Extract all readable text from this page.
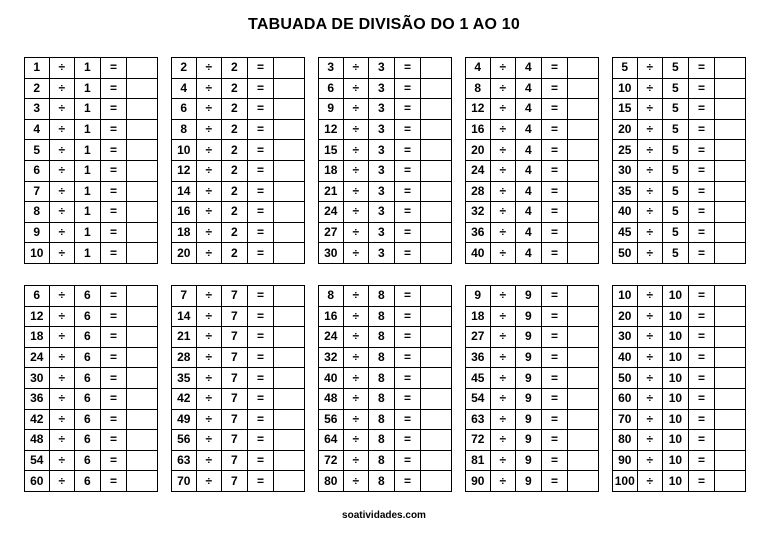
TABUADA DE DIVISÃO DO 1 AO 10
1	÷	1	=	
2	÷	1	=	
3	÷	1	=	
4	÷	1	=	
5	÷	1	=	
6	÷	1	=	
7	÷	1	=	
8	÷	1	=	
9	÷	1	=	
10	÷	1	=	
2	÷	2	=	
4	÷	2	=	
6	÷	2	=	
8	÷	2	=	
10	÷	2	=	
12	÷	2	=	
14	÷	2	=	
16	÷	2	=	
18	÷	2	=	
20	÷	2	=	
3	÷	3	=	
6	÷	3	=	
9	÷	3	=	
12	÷	3	=	
15	÷	3	=	
18	÷	3	=	
21	÷	3	=	
24	÷	3	=	
27	÷	3	=	
30	÷	3	=	
4	÷	4	=	
8	÷	4	=	
12	÷	4	=	
16	÷	4	=	
20	÷	4	=	
24	÷	4	=	
28	÷	4	=	
32	÷	4	=	
36	÷	4	=	
40	÷	4	=	
5	÷	5	=	
10	÷	5	=	
15	÷	5	=	
20	÷	5	=	
25	÷	5	=	
30	÷	5	=	
35	÷	5	=	
40	÷	5	=	
45	÷	5	=	
50	÷	5	=	
6	÷	6	=	
12	÷	6	=	
18	÷	6	=	
24	÷	6	=	
30	÷	6	=	
36	÷	6	=	
42	÷	6	=	
48	÷	6	=	
54	÷	6	=	
60	÷	6	=	
7	÷	7	=	
14	÷	7	=	
21	÷	7	=	
28	÷	7	=	
35	÷	7	=	
42	÷	7	=	
49	÷	7	=	
56	÷	7	=	
63	÷	7	=	
70	÷	7	=	
8	÷	8	=	
16	÷	8	=	
24	÷	8	=	
32	÷	8	=	
40	÷	8	=	
48	÷	8	=	
56	÷	8	=	
64	÷	8	=	
72	÷	8	=	
80	÷	8	=	
9	÷	9	=	
18	÷	9	=	
27	÷	9	=	
36	÷	9	=	
45	÷	9	=	
54	÷	9	=	
63	÷	9	=	
72	÷	9	=	
81	÷	9	=	
90	÷	9	=	
10	÷	10	=	
20	÷	10	=	
30	÷	10	=	
40	÷	10	=	
50	÷	10	=	
60	÷	10	=	
70	÷	10	=	
80	÷	10	=	
90	÷	10	=	
100	÷	10	=	
soatividades.com
